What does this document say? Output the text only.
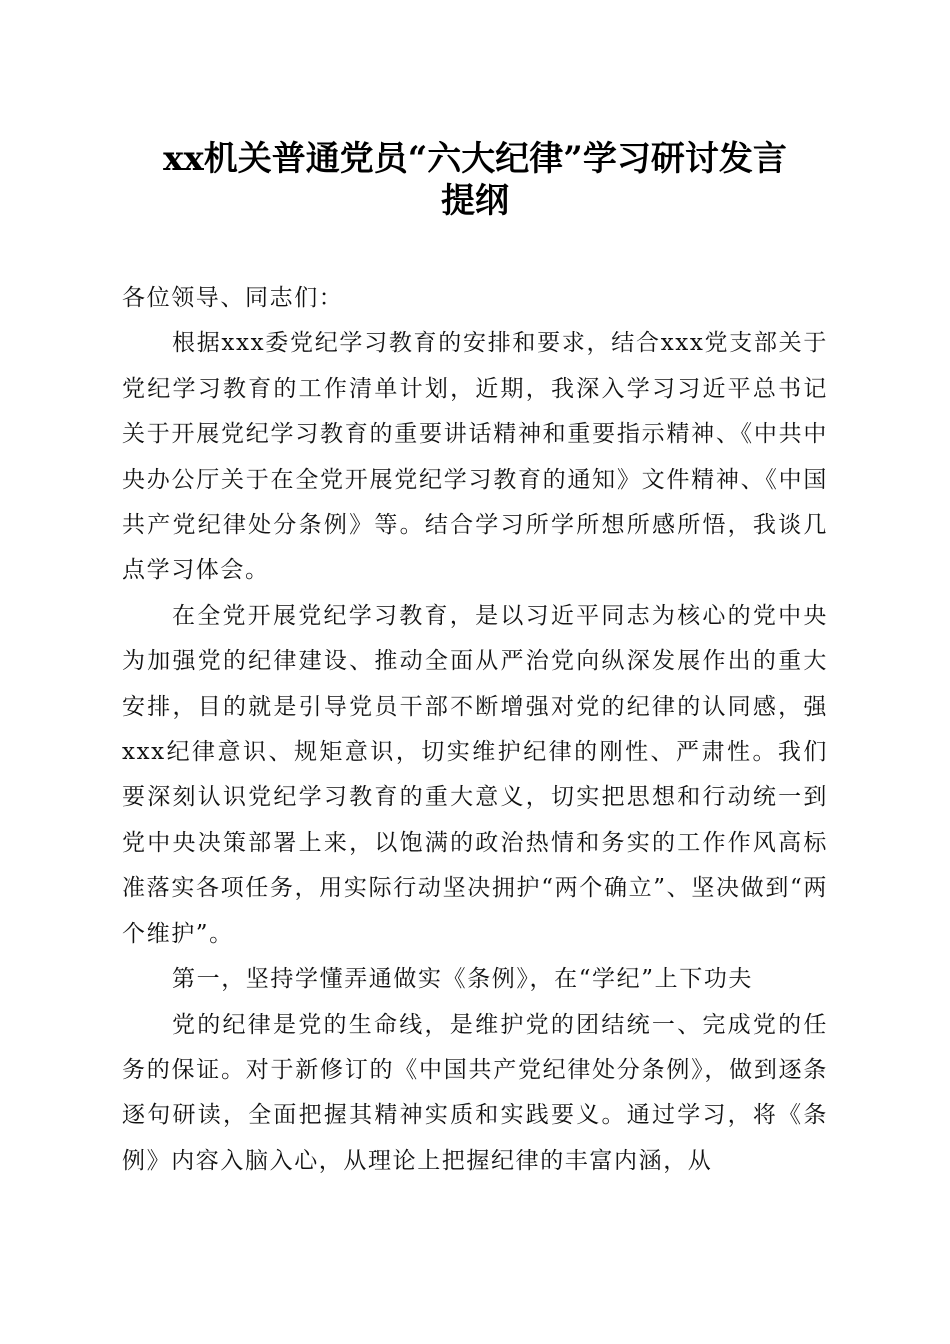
xx机关普通党员“六大纪律”学习研讨发言
提纲

各位领导、同志们：

根据xxx委党纪学习教育的安排和要求，结合xxx党支部关于党纪学习教育的工作清单计划，近期，我深入学习习近平总书记关于开展党纪学习教育的重要讲话精神和重要指示精神、《中共中央办公厅关于在全党开展党纪学习教育的通知》文件精神、《中国共产党纪律处分条例》等。结合学习所学所想所感所悟，我谈几点学习体会。

在全党开展党纪学习教育，是以习近平同志为核心的党中央为加强党的纪律建设、推动全面从严治党向纵深发展作出的重大安排，目的就是引导党员干部不断增强对党的纪律的认同感，强xxx纪律意识、规矩意识，切实维护纪律的刚性、严肃性。我们要深刻认识党纪学习教育的重大意义，切实把思想和行动统一到党中央决策部署上来，以饱满的政治热情和务实的工作作风高标准落实各项任务，用实际行动坚决拥护“两个确立”、坚决做到“两个维护”。

第一，坚持学懂弄通做实《条例》，在“学纪”上下功夫

党的纪律是党的生命线，是维护党的团结统一、完成党的任务的保证。对于新修订的《中国共产党纪律处分条例》，做到逐条逐句研读，全面把握其精神实质和实践要义。通过学习，将《条例》内容入脑入心，从理论上把握纪律的丰富内涵，从
